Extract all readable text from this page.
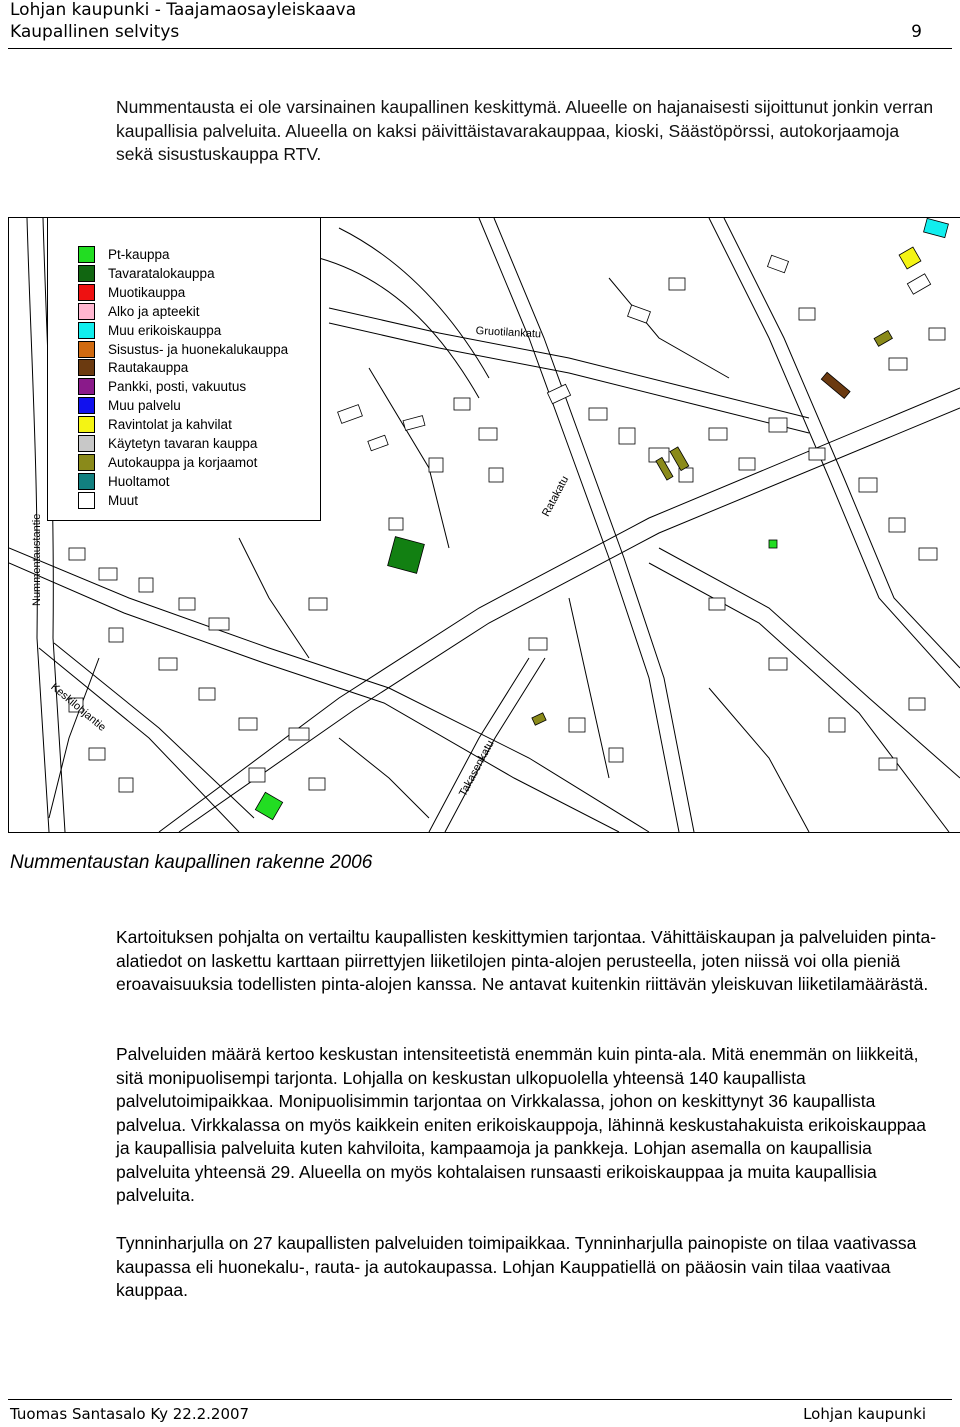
Lohjan kaupunki - Taajamaosayleiskaava
Kaupallinen selvitys	9

Nummentausta ei ole varsinainen kaupallinen keskittymä. Alueelle on hajanaisesti sijoittunut jonkin verran kaupallisia palveluita. Alueella on kaksi päivittäistavarakauppaa, kioski, Säästöpörssi, autokorjaamoja sekä sisustuskauppa RTV.

Pt-kauppa
Tavaratalokauppa
Muotikauppa
Alko ja apteekit
Muu erikoiskauppa
Sisustus- ja huonekalukauppa
Rautakauppa
Pankki, posti, vakuutus
Muu palvelu
Ravintolat ja kahvilat
Käytetyn tavaran kauppa
Autokauppa ja korjaamot
Huoltamot
Muut
Gruotilankatu
Ratakatu
Nummentaustantie
Keskilohjantie
Takasenkatu
Nummentaustan kaupallinen rakenne 2006

Kartoituksen pohjalta on vertailtu kaupallisten keskittymien tarjontaa. Vähittäiskaupan ja palveluiden pinta-alatiedot on laskettu karttaan piirrettyjen liiketilojen pinta-alojen perusteella, joten niissä voi olla pieniä eroavaisuuksia todellisten pinta-alojen kanssa. Ne antavat kuitenkin riittävän yleiskuvan liiketilamäärästä.

Palveluiden määrä kertoo keskustan intensiteetistä enemmän kuin pinta-ala. Mitä enemmän on liikkeitä, sitä monipuolisempi tarjonta. Lohjalla on keskustan ulkopuolella yhteensä 140 kaupallista palvelutoimipaikkaa. Monipuolisimmin tarjontaa on Virkkalassa, johon on keskittynyt 36 kaupallista palvelua. Virkkalassa on myös kaikkein eniten erikoiskauppoja, lähinnä keskustahakuista erikoiskauppaa ja kaupallisia palveluita kuten kahviloita, kampaamoja ja pankkeja. Lohjan asemalla on kaupallisia palveluita yhteensä 29. Alueella on myös kohtalaisen runsaasti erikoiskauppaa ja muita kaupallisia palveluita.

Tynninharjulla on 27 kaupallisten palveluiden toimipaikkaa. Tynninharjulla painopiste on tilaa vaativassa kaupassa eli huonekalu-, rauta- ja autokaupassa. Lohjan Kauppatiellä on pääosin vain tilaa vaativaa kauppaa.

Tuomas Santasalo Ky 22.2.2007	Lohjan kaupunki
